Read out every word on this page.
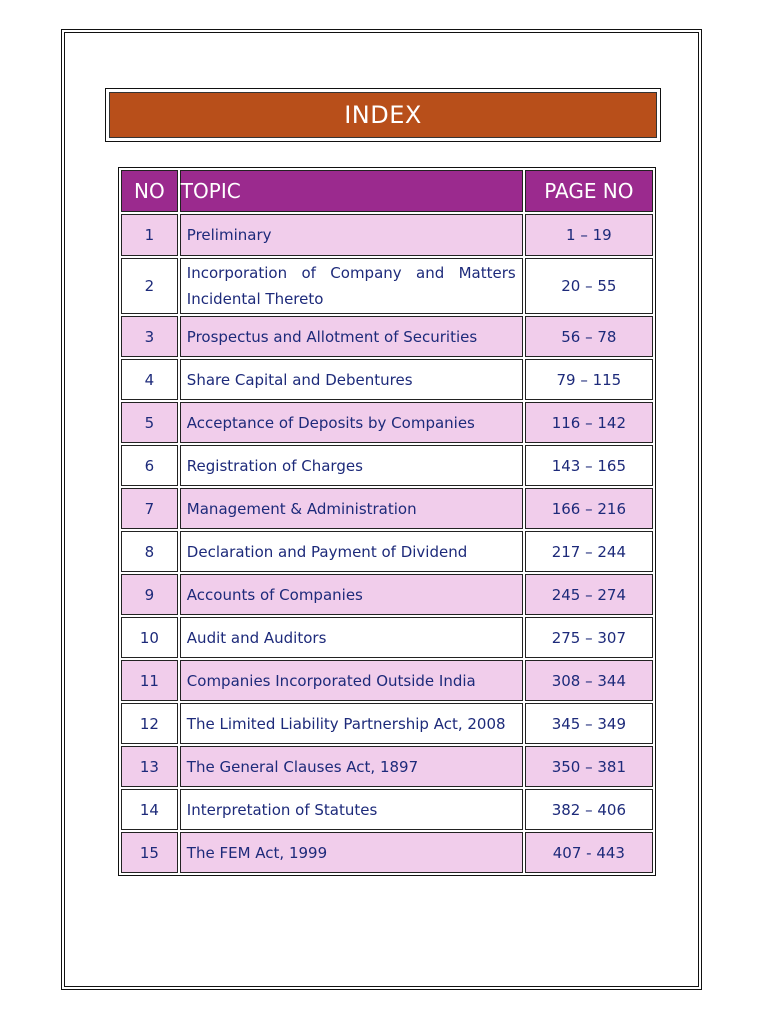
INDEX
NO	TOPIC	PAGE NO
1	Preliminary	1 – 19
2	Incorporation of Company and Matters Incidental Thereto	20 – 55
3	Prospectus and Allotment of Securities	56 – 78
4	Share Capital and Debentures	79 – 115
5	Acceptance of Deposits by Companies	116 – 142
6	Registration of Charges	143 – 165
7	Management & Administration	166 – 216
8	Declaration and Payment of Dividend	217 – 244
9	Accounts of Companies	245 – 274
10	Audit and Auditors	275 – 307
11	Companies Incorporated Outside India	308 – 344
12	The Limited Liability Partnership Act, 2008	345 – 349
13	The General Clauses Act, 1897	350 – 381
14	Interpretation of Statutes	382 – 406
15	The FEM Act, 1999	407 - 443
